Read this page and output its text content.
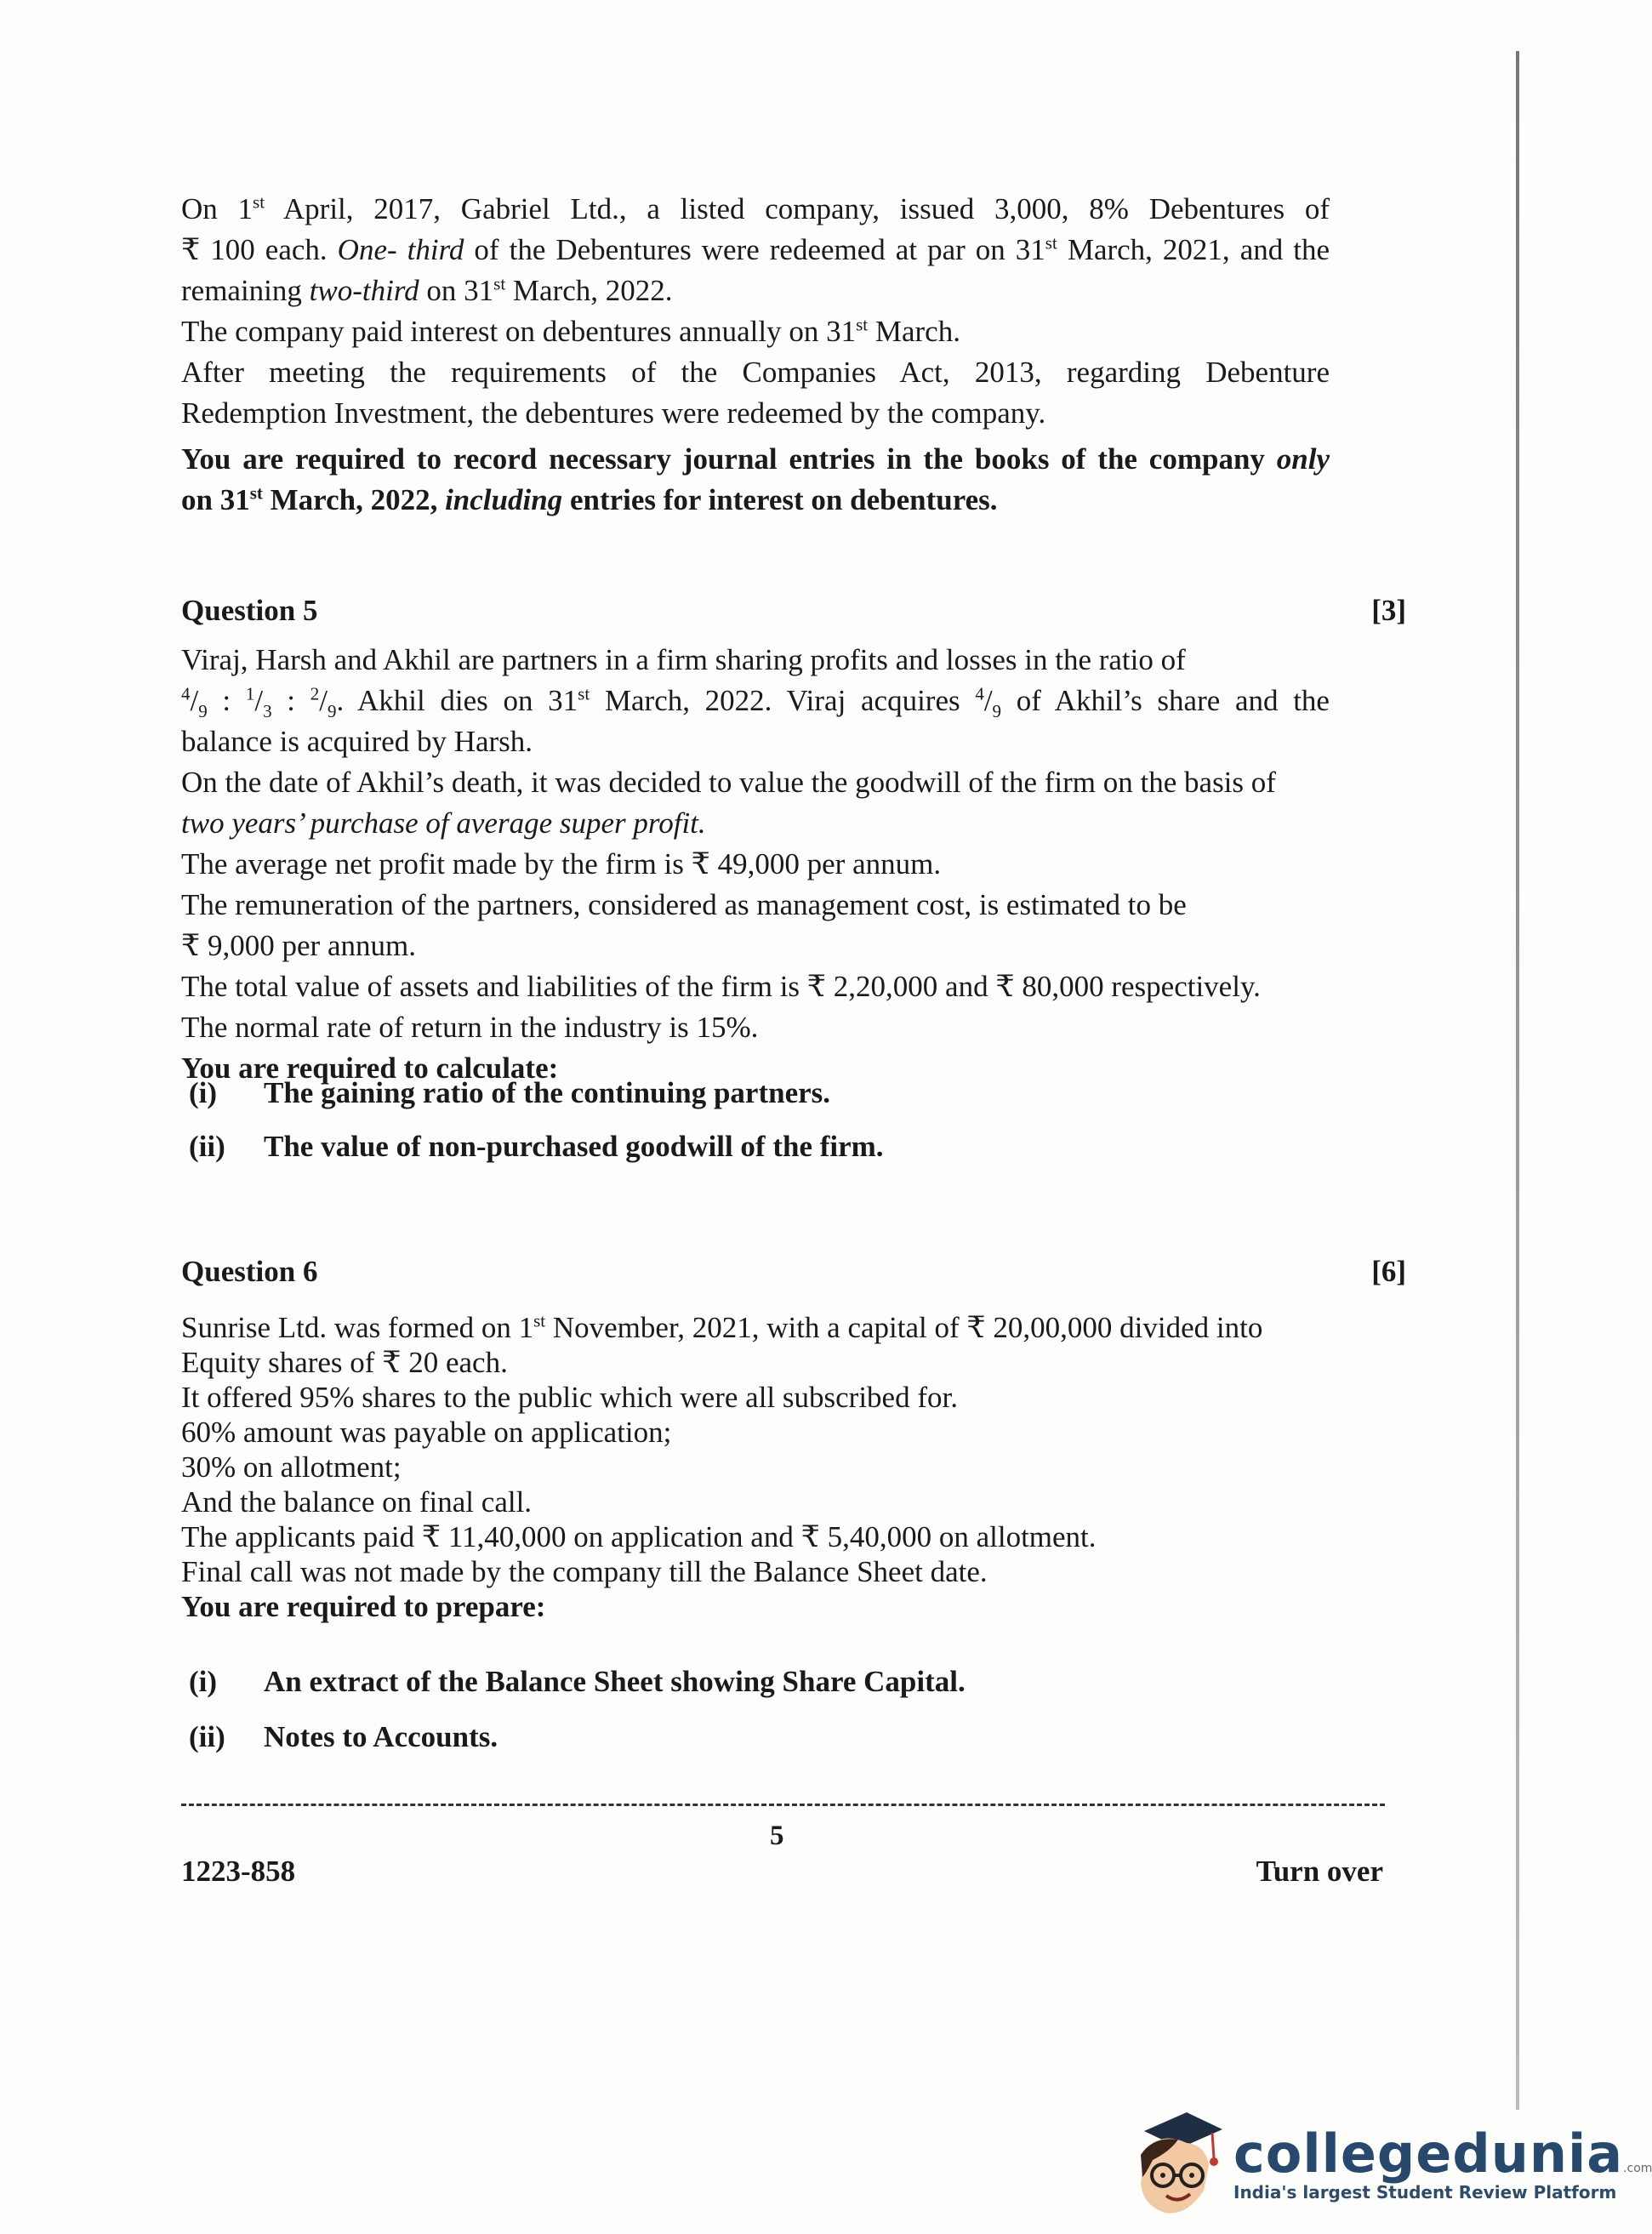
On 1st April, 2017, Gabriel Ltd., a listed company, issued 3,000, 8% Debentures of
₹ 100 each. One- third of the Debentures were redeemed at par on 31st March, 2021, and the
remaining two-third on 31st March, 2022.
The company paid interest on debentures annually on 31st March.
After meeting the requirements of the Companies Act, 2013, regarding Debenture
Redemption Investment, the debentures were redeemed by the company.
You are required to record necessary journal entries in the books of the company only
on 31st March, 2022, including entries for interest on debentures.
Question 5	[3]
Viraj, Harsh and Akhil are partners in a firm sharing profits and losses in the ratio of
$^4/_9$ : $^1/_3$ : $^2/_9$. Akhil dies on 31st March, 2022. Viraj acquires $^4/_9$ of Akhil’s share and the
balance is acquired by Harsh.
On the date of Akhil’s death, it was decided to value the goodwill of the firm on the basis of
two years’ purchase of average super profit.
The average net profit made by the firm is ₹ 49,000 per annum.
The remuneration of the partners, considered as management cost, is estimated to be
₹ 9,000 per annum.
The total value of assets and liabilities of the firm is ₹ 2,20,000 and ₹ 80,000 respectively.
The normal rate of return in the industry is 15%.
You are required to calculate:
(i) The gaining ratio of the continuing partners.
(ii) The value of non-purchased goodwill of the firm.
Question 6	[6]
Sunrise Ltd. was formed on 1st November, 2021, with a capital of ₹ 20,00,000 divided into
Equity shares of ₹ 20 each.
It offered 95% shares to the public which were all subscribed for.
60% amount was payable on application;
30% on allotment;
And the balance on final call.
The applicants paid ₹ 11,40,000 on application and ₹ 5,40,000 on allotment.
Final call was not made by the company till the Balance Sheet date.
You are required to prepare:
(i) An extract of the Balance Sheet showing Share Capital.
(ii) Notes to Accounts.
5
1223-858	Turn over
collegedunia.com
India's largest Student Review Platform
